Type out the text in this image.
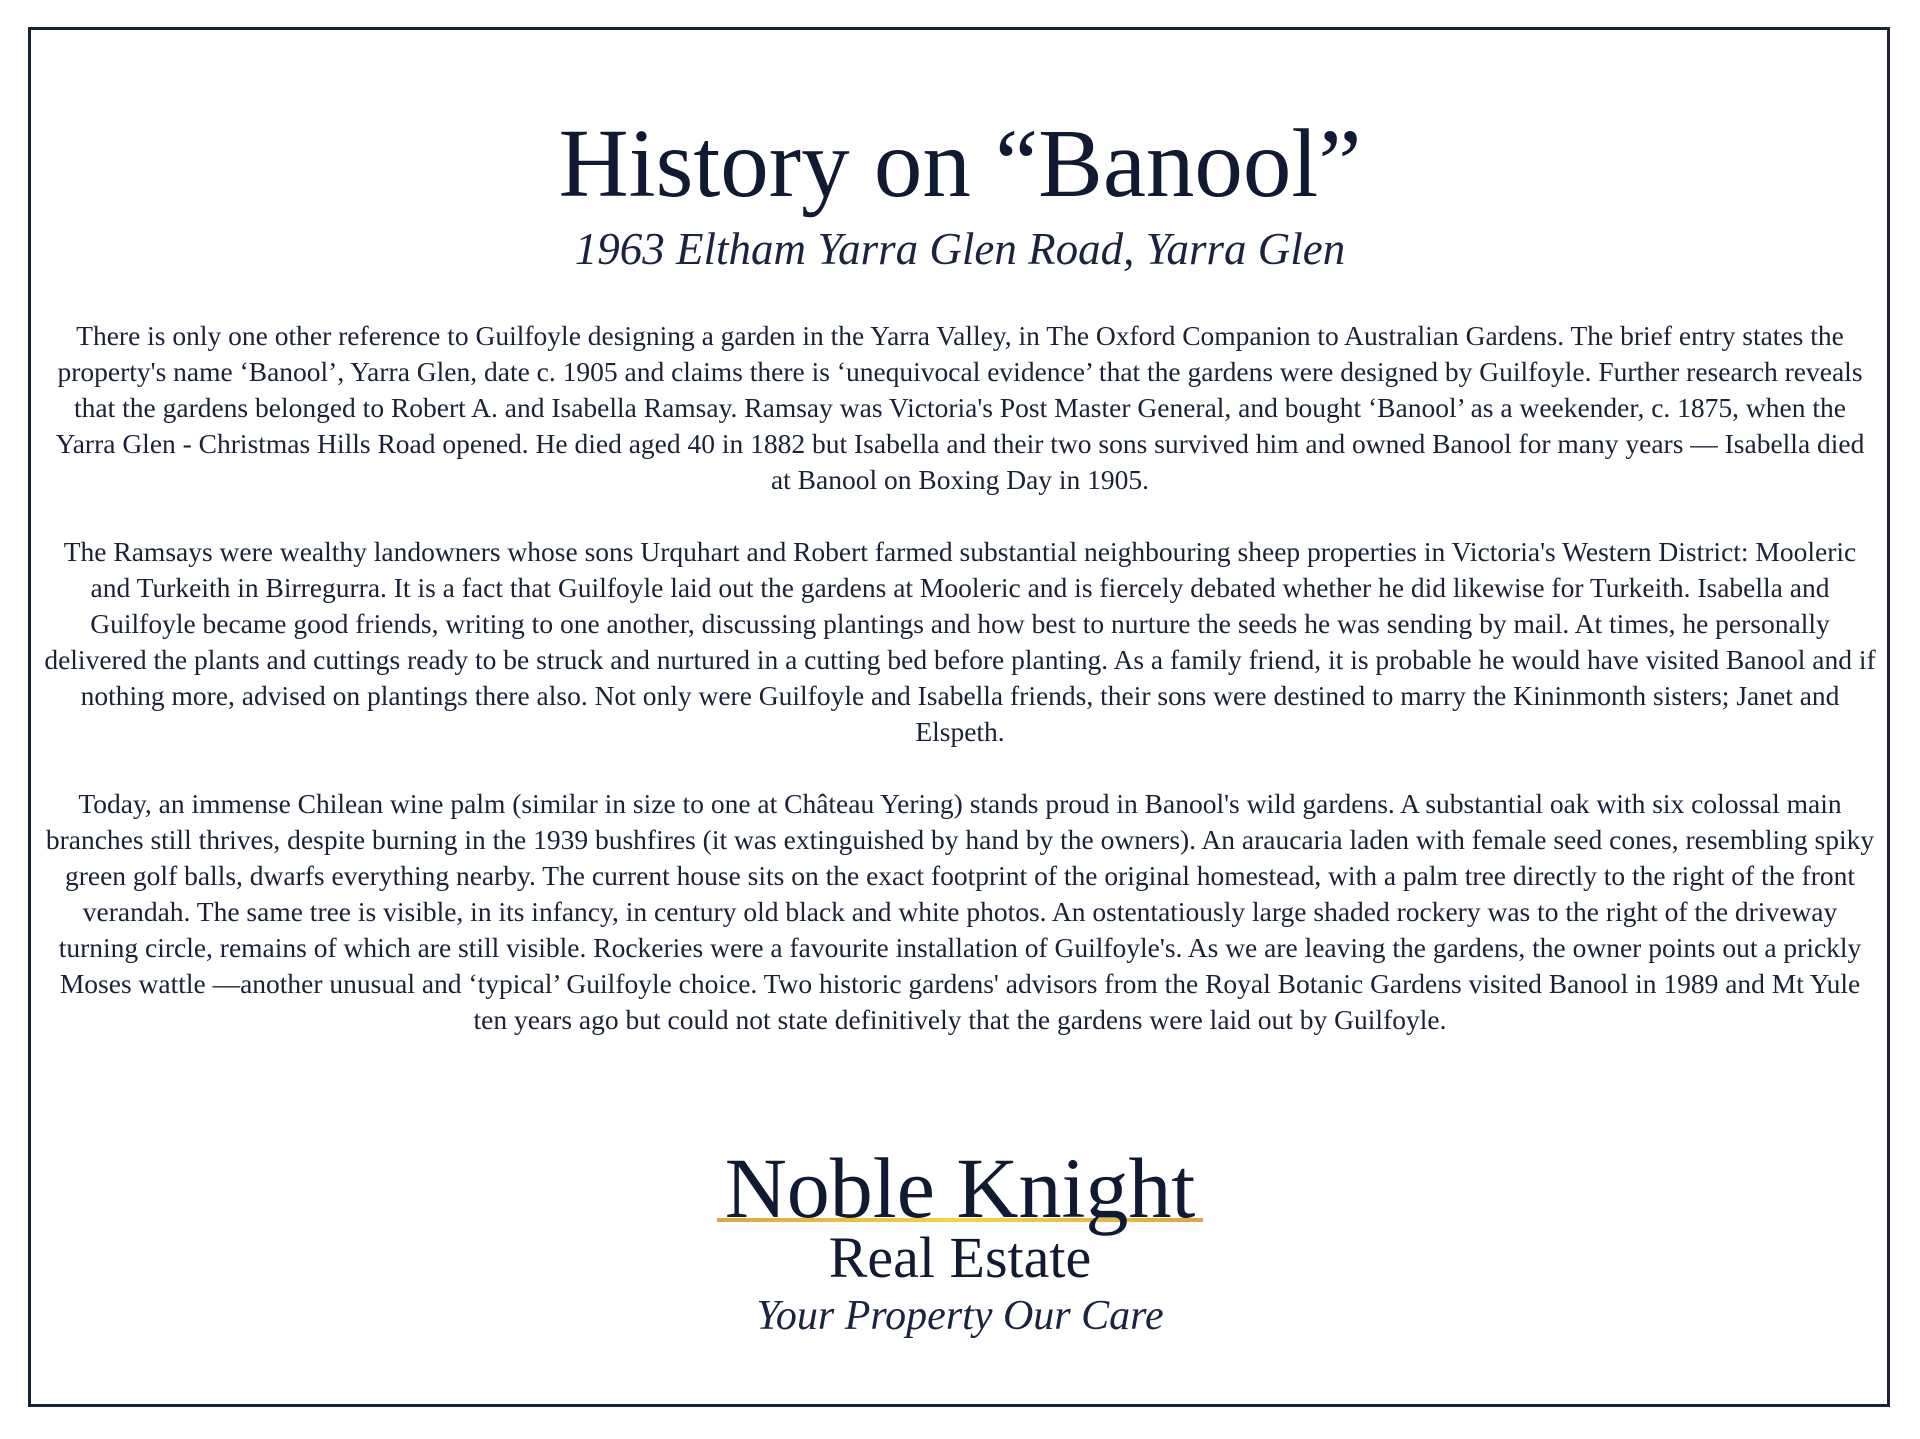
History on “Banool”
1963 Eltham Yarra Glen Road, Yarra Glen

There is only one other reference to Guilfoyle designing a garden in the Yarra Valley, in The Oxford Companion to Australian Gardens. The brief entry states the property's name ‘Banool’, Yarra Glen, date c. 1905 and claims there is ‘unequivocal evidence’ that the gardens were designed by Guilfoyle. Further research reveals that the gardens belonged to Robert A. and Isabella Ramsay. Ramsay was Victoria's Post Master General, and bought ‘Banool’ as a weekender, c. 1875, when the Yarra Glen - Christmas Hills Road opened. He died aged 40 in 1882 but Isabella and their two sons survived him and owned Banool for many years — Isabella died at Banool on Boxing Day in 1905.

The Ramsays were wealthy landowners whose sons Urquhart and Robert farmed substantial neighbouring sheep properties in Victoria's Western District: Mooleric and Turkeith in Birregurra. It is a fact that Guilfoyle laid out the gardens at Mooleric and is fiercely debated whether he did likewise for Turkeith. Isabella and Guilfoyle became good friends, writing to one another, discussing plantings and how best to nurture the seeds he was sending by mail. At times, he personally delivered the plants and cuttings ready to be struck and nurtured in a cutting bed before planting. As a family friend, it is probable he would have visited Banool and if nothing more, advised on plantings there also. Not only were Guilfoyle and Isabella friends, their sons were destined to marry the Kininmonth sisters; Janet and Elspeth.

Today, an immense Chilean wine palm (similar in size to one at Château Yering) stands proud in Banool's wild gardens. A substantial oak with six colossal main branches still thrives, despite burning in the 1939 bushfires (it was extinguished by hand by the owners). An araucaria laden with female seed cones, resembling spiky green golf balls, dwarfs everything nearby. The current house sits on the exact footprint of the original homestead, with a palm tree directly to the right of the front verandah. The same tree is visible, in its infancy, in century old black and white photos. An ostentatiously large shaded rockery was to the right of the driveway turning circle, remains of which are still visible. Rockeries were a favourite installation of Guilfoyle's. As we are leaving the gardens, the owner points out a prickly Moses wattle —another unusual and ‘typical’ Guilfoyle choice. Two historic gardens' advisors from the Royal Botanic Gardens visited Banool in 1989 and Mt Yule ten years ago but could not state definitively that the gardens were laid out by Guilfoyle.

Noble Knight
Real Estate
Your Property Our Care
